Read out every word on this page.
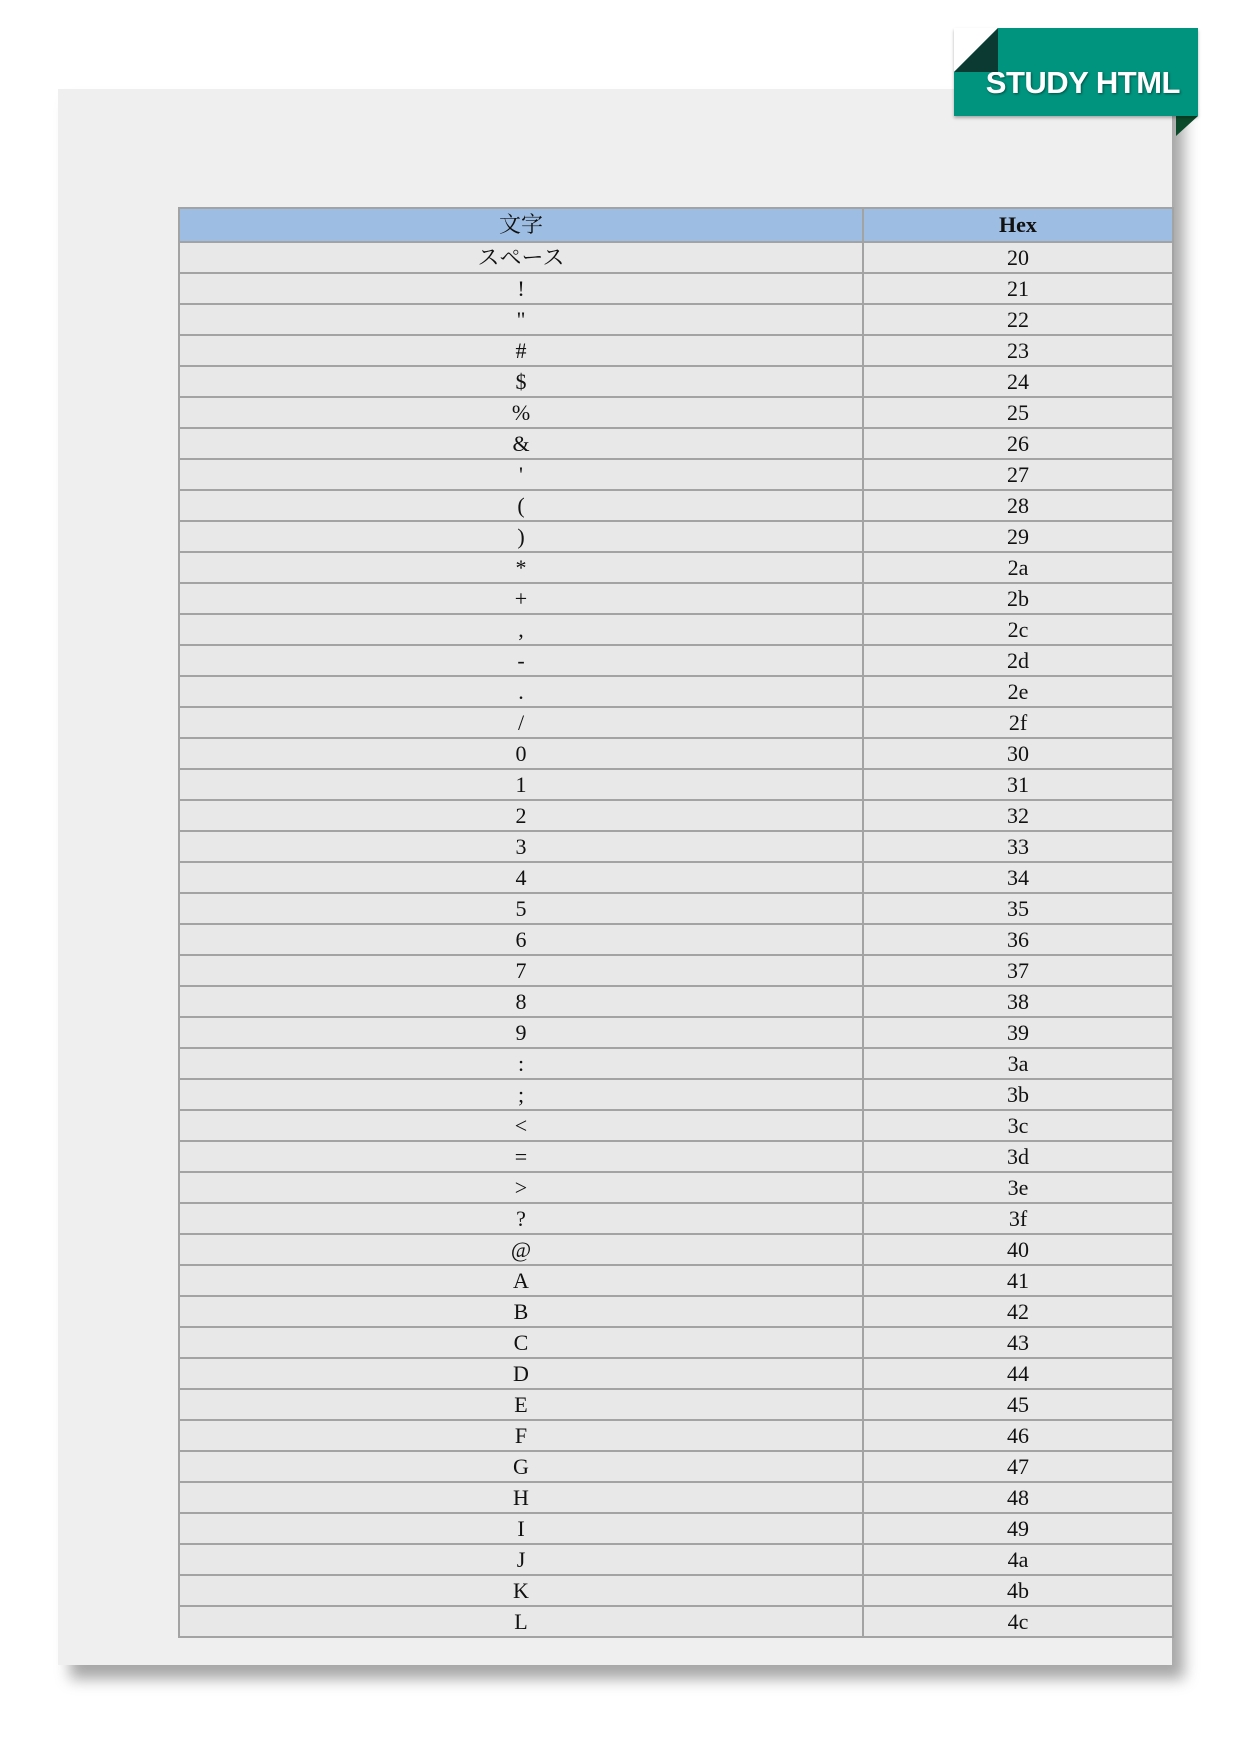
文字	Hex
スペース	20
!	21
"	22
#	23
$	24
%	25
&	26
'	27
(	28
)	29
*	2a
+	2b
,	2c
-	2d
.	2e
/	2f
0	30
1	31
2	32
3	33
4	34
5	35
6	36
7	37
8	38
9	39
:	3a
;	3b
<	3c
=	3d
>	3e
?	3f
@	40
A	41
B	42
C	43
D	44
E	45
F	46
G	47
H	48
I	49
J	4a
K	4b
L	4c
STUDY HTML
